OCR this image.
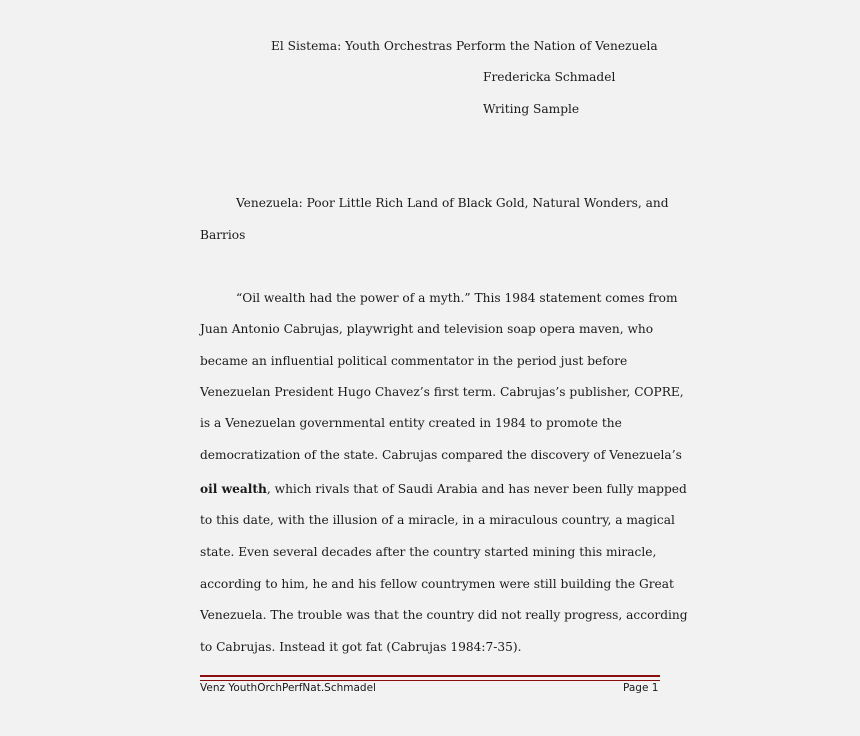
El Sistema: Youth Orchestras Perform the Nation of Venezuela
Fredericka Schmadel
Writing Sample
Venezuela: Poor Little Rich Land of Black Gold, Natural Wonders, and
Barrios
“Oil wealth had the power of a myth.” This 1984 statement comes from
Juan Antonio Cabrujas, playwright and television soap opera maven, who
became an influential political commentator in the period just before
Venezuelan President Hugo Chavez’s first term. Cabrujas’s publisher, COPRE,
is a Venezuelan governmental entity created in 1984 to promote the
democratization of the state. Cabrujas compared the discovery of Venezuela’s
oil wealth, which rivals that of Saudi Arabia and has never been fully mapped
to this date, with the illusion of a miracle, in a miraculous country, a magical
state. Even several decades after the country started mining this miracle,
according to him, he and his fellow countrymen were still building the Great
Venezuela. The trouble was that the country did not really progress, according
to Cabrujas. Instead it got fat (Cabrujas 1984:7-35).
Venz YouthOrchPerfNat.Schmadel	Page 1
